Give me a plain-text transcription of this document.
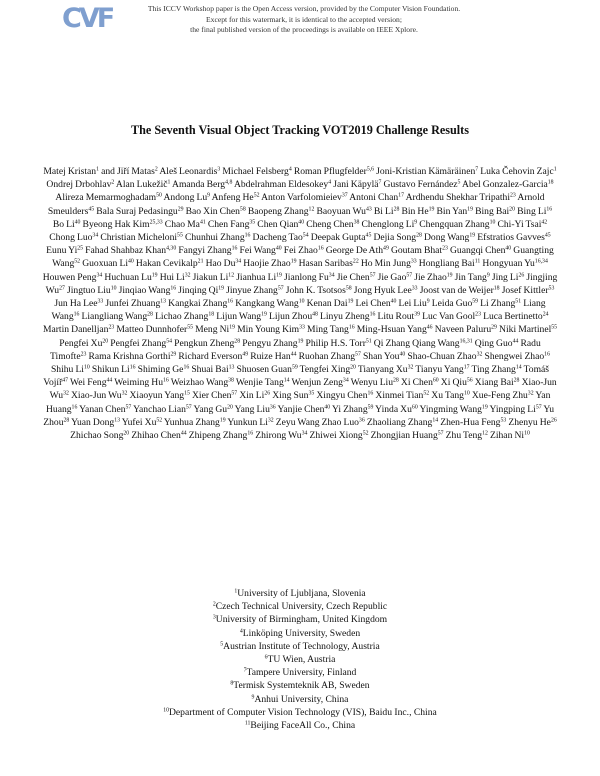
CVF	This ICCV Workshop paper is the Open Access version, provided by the Computer Vision Foundation.
Except for this watermark, it is identical to the accepted version;
the final published version of the proceedings is available on IEEE Xplore.
The Seventh Visual Object Tracking VOT2019 Challenge Results
Matej Kristan$^1$ and Jiří Matas$^2$ Aleš Leonardis$^3$ Michael Felsberg$^4$ Roman Pflugfelder$^{5,6}$ Joni-Kristian Kämäräinen$^7$ Luka Čehovin Zajc$^1$ Ondrej Drbohlav$^2$ Alan Lukežič$^1$ Amanda Berg$^{4,8}$ Abdelrahman Eldesokey$^4$ Jani Käpylä$^7$ Gustavo Fernández$^5$ Abel Gonzalez-Garcia$^{18}$ Alireza Memarmoghadam$^{50}$ Andong Lu$^9$ Anfeng He$^{52}$ Anton Varfolomieiev$^{37}$ Antoni Chan$^{17}$ Ardhendu Shekhar Tripathi$^{23}$ Arnold Smeulders$^{45}$ Bala Suraj Pedasingu$^{29}$ Bao Xin Chen$^{58}$ Baopeng Zhang$^{12}$ Baoyuan Wu$^{43}$ Bi Li$^{28}$ Bin He$^{19}$ Bin Yan$^{19}$ Bing Bai$^{20}$ Bing Li$^{16}$ Bo Li$^{40}$ Byeong Hak Kim$^{25,33}$ Chao Ma$^{41}$ Chen Fang$^{35}$ Chen Qian$^{40}$ Cheng Chen$^{38}$ Chenglong Li$^9$ Chengquan Zhang$^{10}$ Chi-Yi Tsai$^{42}$ Chong Luo$^{34}$ Christian Micheloni$^{55}$ Chunhui Zhang$^{16}$ Dacheng Tao$^{54}$ Deepak Gupta$^{45}$ Dejia Song$^{28}$ Dong Wang$^{19}$ Efstratios Gavves$^{45}$ Eunu Yi$^{25}$ Fahad Shahbaz Khan$^{4,30}$ Fangyi Zhang$^{16}$ Fei Wang$^{40}$ Fei Zhao$^{16}$ George De Ath$^{49}$ Goutam Bhat$^{23}$ Guangqi Chen$^{40}$ Guangting Wang$^{52}$ Guoxuan Li$^{40}$ Hakan Cevikalp$^{21}$ Hao Du$^{34}$ Haojie Zhao$^{19}$ Hasan Saribas$^{22}$ Ho Min Jung$^{33}$ Hongliang Bai$^{11}$ Hongyuan Yu$^{16,34}$ Houwen Peng$^{34}$ Huchuan Lu$^{19}$ Hui Li$^{32}$ Jiakun Li$^{12}$ Jianhua Li$^{19}$ Jianlong Fu$^{34}$ Jie Chen$^{57}$ Jie Gao$^{57}$ Jie Zhao$^{19}$ Jin Tang$^9$ Jing Li$^{26}$ Jingjing Wu$^{27}$ Jingtuo Liu$^{10}$ Jinqiao Wang$^{16}$ Jinqing Qi$^{19}$ Jinyue Zhang$^{57}$ John K. Tsotsos$^{58}$ Jong Hyuk Lee$^{33}$ Joost van de Weijer$^{18}$ Josef Kittler$^{53}$ Jun Ha Lee$^{33}$ Junfei Zhuang$^{13}$ Kangkai Zhang$^{16}$ Kangkang Wang$^{10}$ Kenan Dai$^{19}$ Lei Chen$^{40}$ Lei Liu$^9$ Leida Guo$^{59}$ Li Zhang$^{51}$ Liang Wang$^{16}$ Liangliang Wang$^{28}$ Lichao Zhang$^{18}$ Lijun Wang$^{19}$ Lijun Zhou$^{48}$ Linyu Zheng$^{16}$ Litu Rout$^{39}$ Luc Van Gool$^{23}$ Luca Bertinetto$^{24}$ Martin Danelljan$^{23}$ Matteo Dunnhofer$^{55}$ Meng Ni$^{19}$ Min Young Kim$^{33}$ Ming Tang$^{16}$ Ming-Hsuan Yang$^{46}$ Naveen Paluru$^{29}$ Niki Martinel$^{55}$ Pengfei Xu$^{20}$ Pengfei Zhang$^{54}$ Pengkun Zheng$^{28}$ Pengyu Zhang$^{19}$ Philip H.S. Torr$^{51}$ Qi Zhang Qiang Wang$^{16,31}$ Qing Guo$^{44}$ Radu Timofte$^{23}$ Rama Krishna Gorthi$^{29}$ Richard Everson$^{49}$ Ruize Han$^{44}$ Ruohan Zhang$^{57}$ Shan You$^{40}$ Shao-Chuan Zhao$^{32}$ Shengwei Zhao$^{16}$ Shihu Li$^{10}$ Shikun Li$^{16}$ Shiming Ge$^{16}$ Shuai Bai$^{13}$ Shuosen Guan$^{59}$ Tengfei Xing$^{20}$ Tianyang Xu$^{32}$ Tianyu Yang$^{17}$ Ting Zhang$^{14}$ Tomáš Vojíř$^{47}$ Wei Feng$^{44}$ Weiming Hu$^{16}$ Weizhao Wang$^{38}$ Wenjie Tang$^{14}$ Wenjun Zeng$^{34}$ Wenyu Liu$^{28}$ Xi Chen$^{60}$ Xi Qiu$^{56}$ Xiang Bai$^{28}$ Xiao-Jun Wu$^{32}$ Xiao-Jun Wu$^{32}$ Xiaoyun Yang$^{15}$ Xier Chen$^{57}$ Xin Li$^{26}$ Xing Sun$^{35}$ Xingyu Chen$^{16}$ Xinmei Tian$^{52}$ Xu Tang$^{10}$ Xue-Feng Zhu$^{32}$ Yan Huang$^{16}$ Yanan Chen$^{57}$ Yanchao Lian$^{57}$ Yang Gu$^{20}$ Yang Liu$^{36}$ Yanjie Chen$^{40}$ Yi Zhang$^{59}$ Yinda Xu$^{60}$ Yingming Wang$^{19}$ Yingping Li$^{57}$ Yu Zhou$^{28}$ Yuan Dong$^{13}$ Yufei Xu$^{52}$ Yunhua Zhang$^{19}$ Yunkun Li$^{32}$ Zeyu Wang Zhao Luo$^{36}$ Zhaoliang Zhang$^{14}$ Zhen-Hua Feng$^{53}$ Zhenyu He$^{26}$ Zhichao Song$^{20}$ Zhihao Chen$^{44}$ Zhipeng Zhang$^{16}$ Zhirong Wu$^{34}$ Zhiwei Xiong$^{52}$ Zhongjian Huang$^{57}$ Zhu Teng$^{12}$ Zihan Ni$^{10}$
$^1$University of Ljubljana, Slovenia
$^2$Czech Technical University, Czech Republic
$^3$University of Birmingham, United Kingdom
$^4$Linköping University, Sweden
$^5$Austrian Institute of Technology, Austria
$^6$TU Wien, Austria
$^7$Tampere University, Finland
$^8$Termisk Systemteknik AB, Sweden
$^9$Anhui University, China
$^{10}$Department of Computer Vision Technology (VIS), Baidu Inc., China
$^{11}$Beijing FaceAll Co., China
